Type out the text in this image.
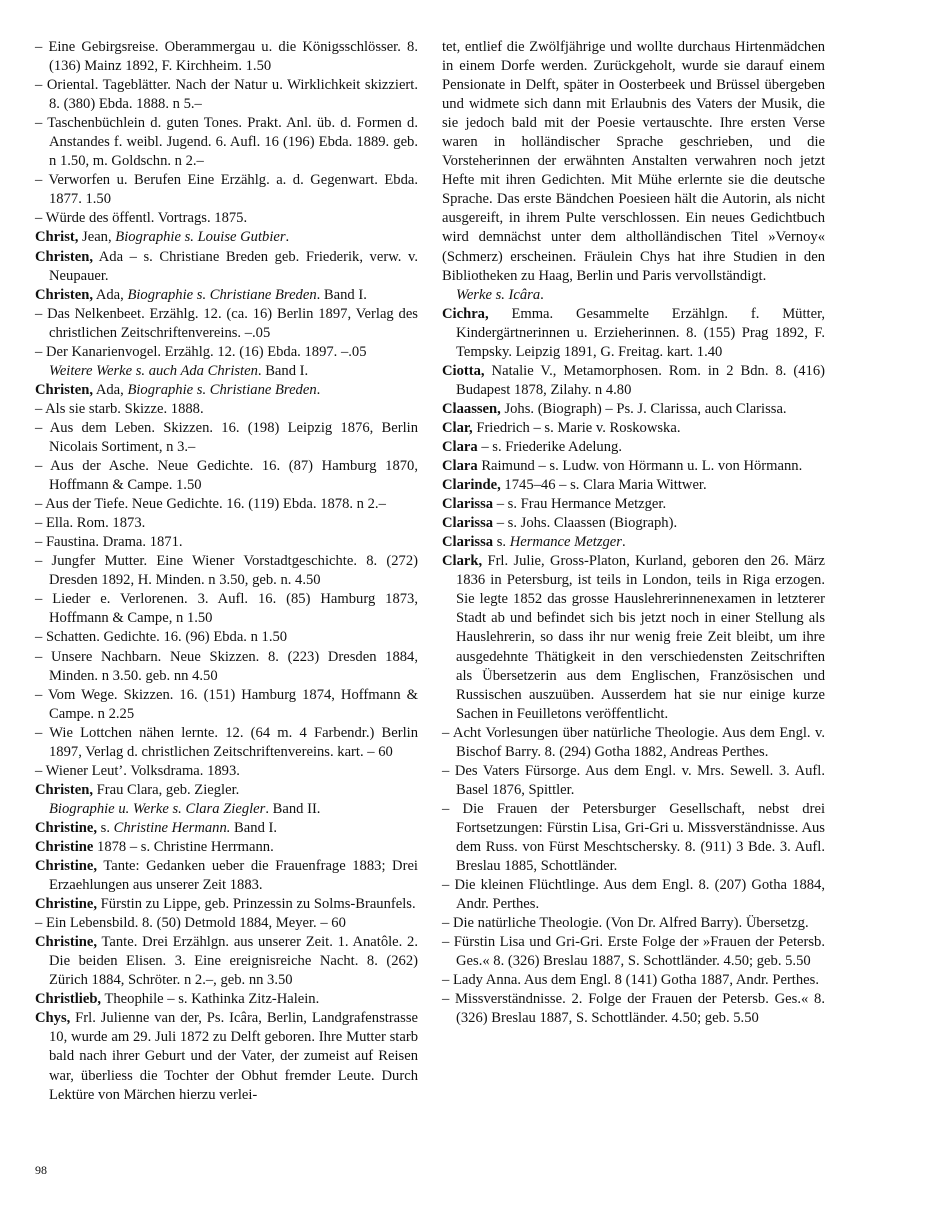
– Eine Gebirgsreise. Oberammergau u. die Königsschlösser. 8. (136) Mainz 1892, F. Kirchheim. 1.50
– Oriental. Tageblätter. Nach der Natur u. Wirklichkeit skizziert. 8. (380) Ebda. 1888. n 5.–
– Taschenbüchlein d. guten Tones. Prakt. Anl. üb. d. Formen d. Anstandes f. weibl. Jugend. 6. Aufl. 16 (196) Ebda. 1889. geb. n 1.50, m. Goldschn. n 2.–
– Verworfen u. Berufen Eine Erzählg. a. d. Gegenwart. Ebda. 1877. 1.50
– Würde des öffentl. Vortrags. 1875.
Christ, Jean, Biographie s. Louise Gutbier.
Christen, Ada – s. Christiane Breden geb. Friederik, verw. v. Neupauer.
Christen, Ada, Biographie s. Christiane Breden. Band I.
– Das Nelkenbeet. Erzählg. 12. (ca. 16) Berlin 1897, Verlag des christlichen Zeitschriftenvereins. –.05
– Der Kanarienvogel. Erzählg. 12. (16) Ebda. 1897. –.05
Weitere Werke s. auch Ada Christen. Band I.
Christen, Ada, Biographie s. Christiane Breden.
– Als sie starb. Skizze. 1888.
– Aus dem Leben. Skizzen. 16. (198) Leipzig 1876, Berlin Nicolais Sortiment, n 3.–
– Aus der Asche. Neue Gedichte. 16. (87) Hamburg 1870, Hoffmann & Campe. 1.50
– Aus der Tiefe. Neue Gedichte. 16. (119) Ebda. 1878. n 2.–
– Ella. Rom. 1873.
– Faustina. Drama. 1871.
– Jungfer Mutter. Eine Wiener Vorstadtgeschichte. 8. (272) Dresden 1892, H. Minden. n 3.50, geb. n. 4.50
– Lieder e. Verlorenen. 3. Aufl. 16. (85) Hamburg 1873, Hoffmann & Campe, n 1.50
– Schatten. Gedichte. 16. (96) Ebda. n 1.50
– Unsere Nachbarn. Neue Skizzen. 8. (223) Dresden 1884, Minden. n 3.50. geb. nn 4.50
– Vom Wege. Skizzen. 16. (151) Hamburg 1874, Hoffmann & Campe. n 2.25
– Wie Lottchen nähen lernte. 12. (64 m. 4 Farbendr.) Berlin 1897, Verlag d. christlichen Zeitschriftenvereins. kart. – 60
– Wiener Leut’. Volksdrama. 1893.
Christen, Frau Clara, geb. Ziegler.
Biographie u. Werke s. Clara Ziegler. Band II.
Christine, s. Christine Hermann. Band I.
Christine 1878 – s. Christine Herrmann.
Christine, Tante: Gedanken ueber die Frauenfrage 1883; Drei Erzaehlungen aus unserer Zeit 1883.
Christine, Fürstin zu Lippe, geb. Prinzessin zu Solms-Braunfels.
– Ein Lebensbild. 8. (50) Detmold 1884, Meyer. – 60
Christine, Tante. Drei Erzählgn. aus unserer Zeit. 1. Anatôle. 2. Die beiden Elisen. 3. Eine ereignisreiche Nacht. 8. (262) Zürich 1884, Schröter. n 2.–, geb. nn 3.50
Christlieb, Theophile – s. Kathinka Zitz-Halein.
Chys, Frl. Julienne van der, Ps. Icâra, Berlin, Landgrafenstrasse 10, wurde am 29. Juli 1872 zu Delft geboren. Ihre Mutter starb bald nach ihrer Geburt und der Vater, der zumeist auf Reisen war, überliess die Tochter der Obhut fremder Leute. Durch Lektüre von Märchen hierzu verlei-
tet, entlief die Zwölfjährige und wollte durchaus Hirtenmädchen in einem Dorfe werden. Zurückgeholt, wurde sie darauf einem Pensionate in Delft, später in Oosterbeek und Brüssel übergeben und widmete sich dann mit Erlaubnis des Vaters der Musik, die sie jedoch bald mit der Poesie vertauschte. Ihre ersten Verse waren in holländischer Sprache geschrieben, und die Vorsteherinnen der erwähnten Anstalten verwahren noch jetzt Hefte mit ihren Gedichten. Mit Mühe erlernte sie die deutsche Sprache. Das erste Bändchen Poesieen hält die Autorin, als nicht ausgereift, in ihrem Pulte verschlossen. Ein neues Gedichtbuch wird demnächst unter dem altholländischen Titel »Vernoy« (Schmerz) erscheinen. Fräulein Chys hat ihre Studien in den Bibliotheken zu Haag, Berlin und Paris vervollständigt.
Werke s. Icâra.
Cichra, Emma. Gesammelte Erzählgn. f. Mütter, Kindergärtnerinnen u. Erzieherinnen. 8. (155) Prag 1892, F. Tempsky. Leipzig 1891, G. Freitag. kart. 1.40
Ciotta, Natalie V., Metamorphosen. Rom. in 2 Bdn. 8. (416) Budapest 1878, Zilahy. n 4.80
Claassen, Johs. (Biograph) – Ps. J. Clarissa, auch Clarissa.
Clar, Friedrich – s. Marie v. Roskowska.
Clara – s. Friederike Adelung.
Clara Raimund – s. Ludw. von Hörmann u. L. von Hörmann.
Clarinde, 1745–46 – s. Clara Maria Wittwer.
Clarissa – s. Frau Hermance Metzger.
Clarissa – s. Johs. Claassen (Biograph).
Clarissa s. Hermance Metzger.
Clark, Frl. Julie, Gross-Platon, Kurland, geboren den 26. März 1836 in Petersburg, ist teils in London, teils in Riga erzogen. Sie legte 1852 das grosse Hauslehrerinnenexamen in letzterer Stadt ab und befindet sich bis jetzt noch in einer Stellung als Hauslehrerin, so dass ihr nur wenig freie Zeit bleibt, um ihre ausgedehnte Thätigkeit in den verschiedensten Zeitschriften als Übersetzerin aus dem Englischen, Französischen und Russischen auszuüben. Ausserdem hat sie nur einige kurze Sachen in Feuilletons veröffentlicht.
– Acht Vorlesungen über natürliche Theologie. Aus dem Engl. v. Bischof Barry. 8. (294) Gotha 1882, Andreas Perthes.
– Des Vaters Fürsorge. Aus dem Engl. v. Mrs. Sewell. 3. Aufl. Basel 1876, Spittler.
– Die Frauen der Petersburger Gesellschaft, nebst drei Fortsetzungen: Fürstin Lisa, Gri-Gri u. Missverständnisse. Aus dem Russ. von Fürst Meschtschersky. 8. (911) 3 Bde. 3. Aufl. Breslau 1885, Schottländer.
– Die kleinen Flüchtlinge. Aus dem Engl. 8. (207) Gotha 1884, Andr. Perthes.
– Die natürliche Theologie. (Von Dr. Alfred Barry). Übersetzg.
– Fürstin Lisa und Gri-Gri. Erste Folge der »Frauen der Petersb. Ges.« 8. (326) Breslau 1887, S. Schottländer. 4.50; geb. 5.50
– Lady Anna. Aus dem Engl. 8 (141) Gotha 1887, Andr. Perthes.
– Missverständnisse. 2. Folge der Frauen der Petersb. Ges.« 8. (326) Breslau 1887, S. Schottländer. 4.50; geb. 5.50
98
